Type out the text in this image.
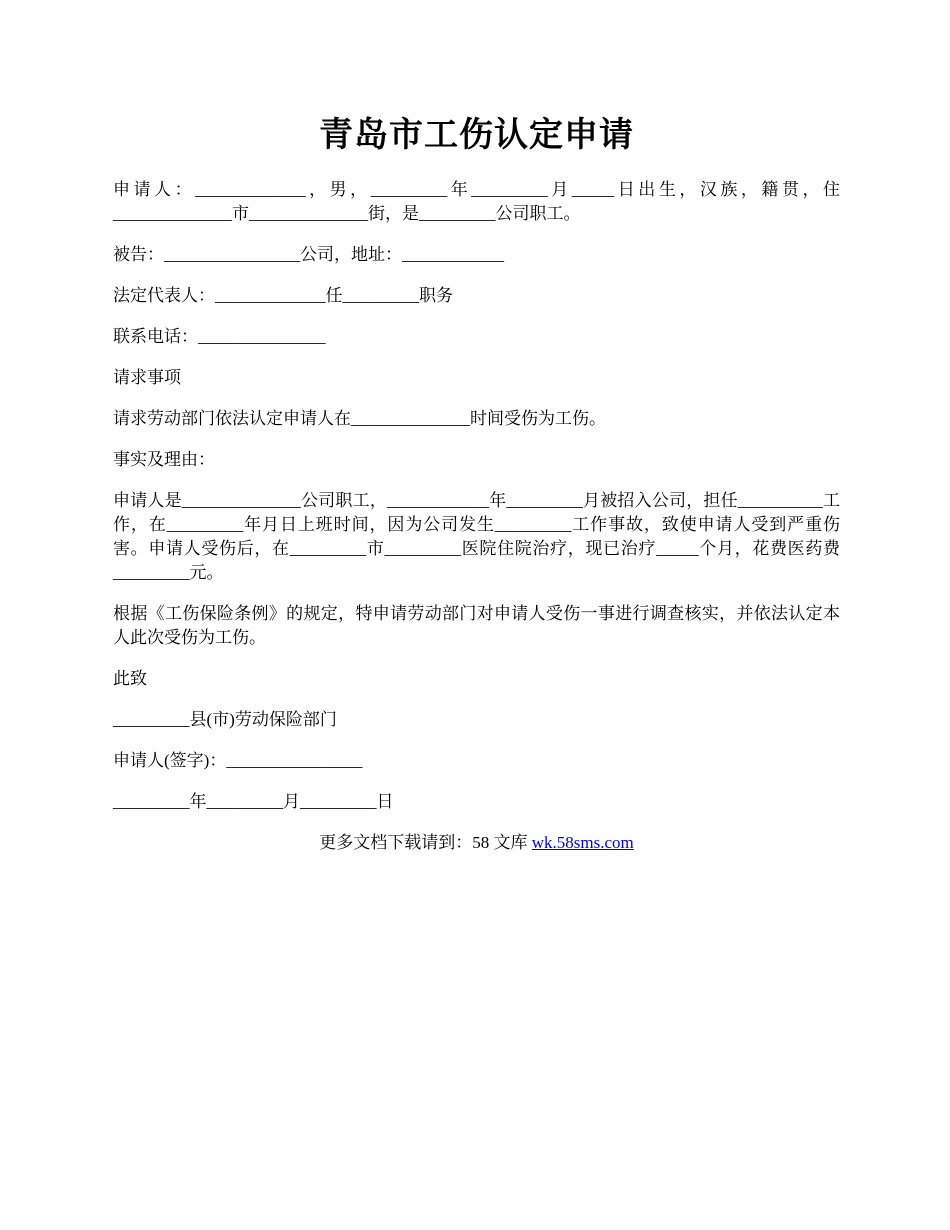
青岛市工伤认定申请

申请人：_____________，男，_________年_________月_____日出生，汉族，籍贯，住______________市______________街，是_________公司职工。

被告：________________公司，地址：____________

法定代表人：_____________任_________职务

联系电话：_______________

请求事项

请求劳动部门依法认定申请人在______________时间受伤为工伤。

事实及理由：

申请人是______________公司职工，____________年_________月被招入公司，担任__________工作，在_________年月日上班时间，因为公司发生_________工作事故，致使申请人受到严重伤害。申请人受伤后，在_________市_________医院住院治疗，现已治疗_____个月，花费医药费_________元。

根据《工伤保险条例》的规定，特申请劳动部门对申请人受伤一事进行调查核实，并依法认定本人此次受伤为工伤。

此致

_________县(市)劳动保险部门

申请人(签字)：________________

_________年_________月_________日

更多文档下载请到：58 文库 wk.58sms.com
